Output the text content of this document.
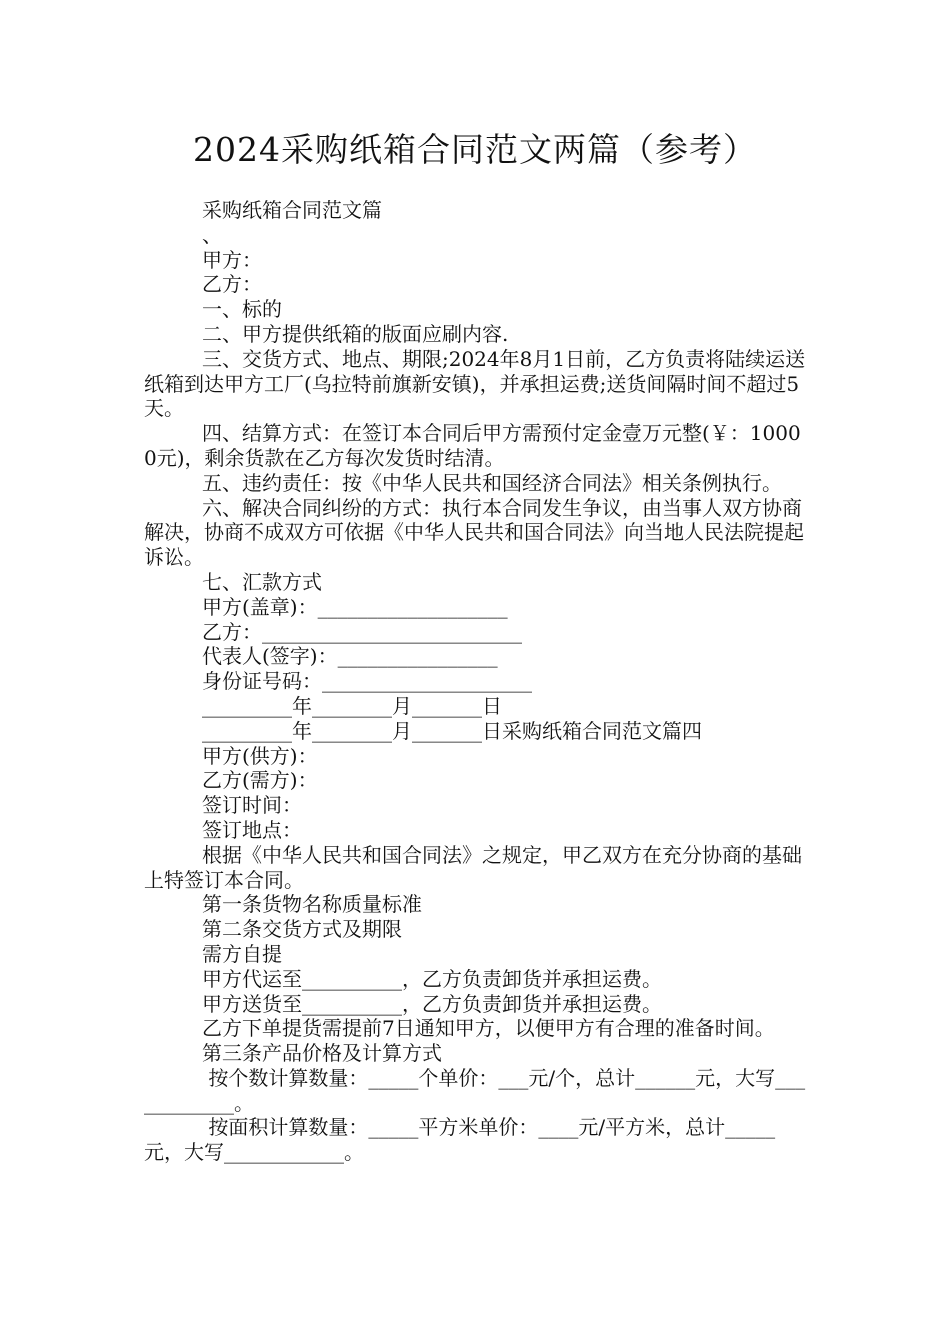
2024采购纸箱合同范文两篇（参考）

采购纸箱合同范文篇

、

甲方：

乙方：

一、标的

二、甲方提供纸箱的版面应刷内容.

三、交货方式、地点、期限;2024年8月1日前，乙方负责将陆续运送纸箱到达甲方工厂(乌拉特前旗新安镇)，并承担运费;送货间隔时间不超过5天。

四、结算方式：在签订本合同后甲方需预付定金壹万元整(￥：10000元)，剩余货款在乙方每次发货时结清。

五、违约责任：按《中华人民共和国经济合同法》相关条例执行。

六、解决合同纠纷的方式：执行本合同发生争议，由当事人双方协商解决，协商不成双方可依据《中华人民共和国合同法》向当地人民法院提起诉讼。

七、汇款方式

甲方(盖章)：___________________

乙方：__________________________

代表人(签字)：________________

身份证号码：_____________________

_________年________月_______日

_________年________月_______日采购纸箱合同范文篇四

甲方(供方)：

乙方(需方)：

签订时间：

签订地点：

根据《中华人民共和国合同法》之规定，甲乙双方在充分协商的基础上特签订本合同。

第一条货物名称质量标准

第二条交货方式及期限

需方自提

甲方代运至__________，乙方负责卸货并承担运费。

甲方送货至__________，乙方负责卸货并承担运费。

乙方下单提货需提前7日通知甲方，以便甲方有合理的准备时间。

第三条产品价格及计算方式

按个数计算数量：_____个单价：___元/个，总计______元，大写____________。

按面积计算数量：_____平方米单价：____元/平方米，总计_____元，大写____________。
